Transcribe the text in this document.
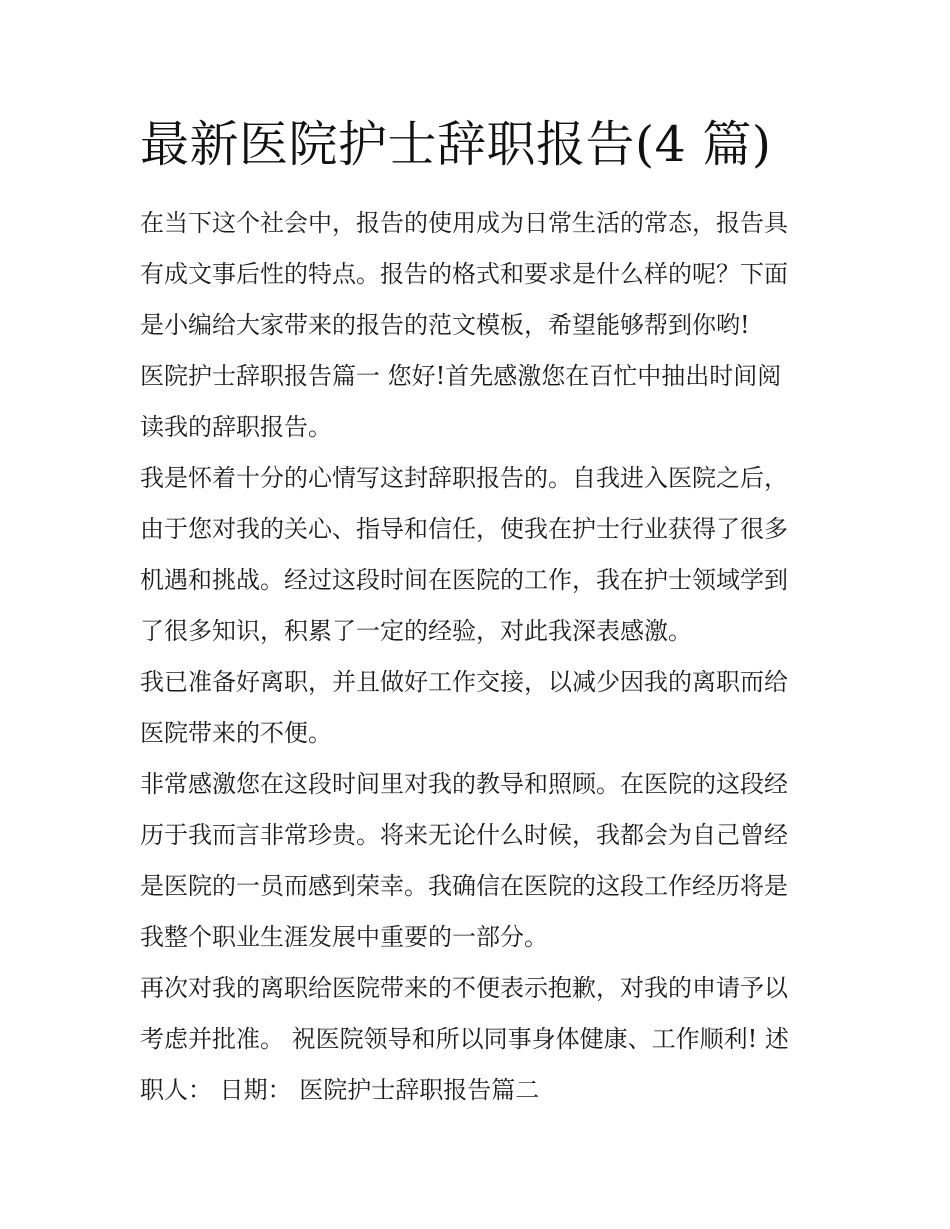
最新医院护士辞职报告(4 篇)
在当下这个社会中，报告的使用成为日常生活的常态，报告具
有成文事后性的特点。报告的格式和要求是什么样的呢？下面
是小编给大家带来的报告的范文模板，希望能够帮到你哟!
医院护士辞职报告篇一 您好!首先感激您在百忙中抽出时间阅
读我的辞职报告。
我是怀着十分的心情写这封辞职报告的。自我进入医院之后，
由于您对我的关心、指导和信任，使我在护士行业获得了很多
机遇和挑战。经过这段时间在医院的工作，我在护士领域学到
了很多知识，积累了一定的经验，对此我深表感激。
我已准备好离职，并且做好工作交接，以减少因我的离职而给
医院带来的不便。
非常感激您在这段时间里对我的教导和照顾。在医院的这段经
历于我而言非常珍贵。将来无论什么时候，我都会为自己曾经
是医院的一员而感到荣幸。我确信在医院的这段工作经历将是
我整个职业生涯发展中重要的一部分。
再次对我的离职给医院带来的不便表示抱歉，对我的申请予以
考虑并批准。 祝医院领导和所以同事身体健康、工作顺利! 述
职人： 日期： 医院护士辞职报告篇二
